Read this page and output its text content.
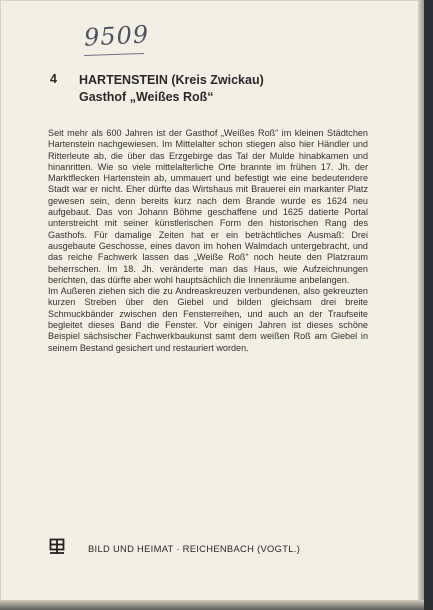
9509
4 HARTENSTEIN (Kreis Zwickau)
Gasthof „Weißes Roß“

Seit mehr als 600 Jahren ist der Gasthof „Weißes Roß“ im kleinen Städtchen Hartenstein nachgewiesen. Im Mittelalter schon stiegen also hier Händler und Ritterleute ab, die über das Erzgebirge das Tal der Mulde hinabkamen und hinanritten. Wie so viele mittelalterliche Orte brannte im frühen 17. Jh. der Marktflecken Hartenstein ab, ummauert und befestigt wie eine bedeutendere Stadt war er nicht. Eher dürfte das Wirtshaus mit Brauerei ein markanter Platz gewesen sein, denn bereits kurz nach dem Brande wurde es 1624 neu aufgebaut. Das von Johann Böhme geschaffene und 1625 datierte Portal unterstreicht mit seiner künstlerischen Form den historischen Rang des Gasthofs. Für damalige Zeiten hat er ein beträchtliches Ausmaß: Drei ausgebaute Geschosse, eines davon im hohen Walmdach untergebracht, und das reiche Fachwerk lassen das „Weiße Roß“ noch heute den Platzraum beherrschen. Im 18. Jh. veränderte man das Haus, wie Aufzeichnungen berichten, das dürfte aber wohl hauptsächlich die Innenräume anbelangen.

Im Außeren ziehen sich die zu Andreaskreuzen verbundenen, also gekreuzten kurzen Streben über den Giebel und bilden gleichsam drei breite Schmuckbänder zwischen den Fensterreihen, und auch an der Traufseite begleitet dieses Band die Fenster. Vor einigen Jahren ist dieses schöne Beispiel sächsischer Fachwerkbaukunst samt dem weißen Roß am Giebel in seinem Bestand gesichert und restauriert worden.

BILD UND HEIMAT · REICHENBACH (VOGTL.)
